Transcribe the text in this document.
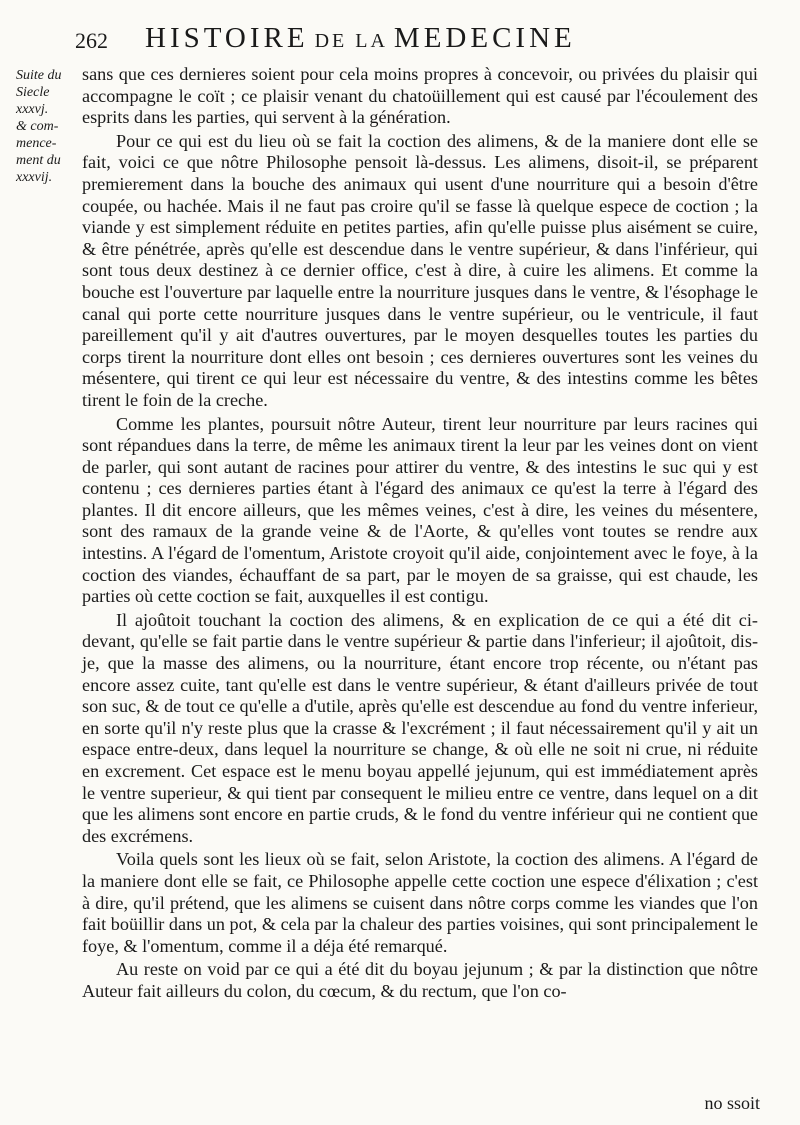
262 HISTOIRE DE LA MEDECINE
Suite du
Siecle
xxxvj.
& com-
mence-
ment du
xxxvij.

sans que ces dernieres soient pour cela moins propres à concevoir, ou privées du plaisir qui accompagne le coït ; ce plaisir venant du chatoüillement qui est causé par l'écoulement des esprits dans les parties, qui servent à la génération.

Pour ce qui est du lieu où se fait la coction des alimens, & de la maniere dont elle se fait, voici ce que nôtre Philosophe pensoit là-dessus. Les alimens, disoit-il, se préparent premierement dans la bouche des animaux qui usent d'une nourriture qui a besoin d'être coupée, ou hachée. Mais il ne faut pas croire qu'il se fasse là quelque espece de coction ; la viande y est simplement réduite en petites parties, afin qu'elle puisse plus aisément se cuire, & être pénétrée, après qu'elle est descendue dans le ventre supérieur, & dans l'inférieur, qui sont tous deux destinez à ce dernier office, c'est à dire, à cuire les alimens. Et comme la bouche est l'ouverture par laquelle entre la nourriture jusques dans le ventre, & l'ésophage le canal qui porte cette nourriture jusques dans le ventre supérieur, ou le ventricule, il faut pareillement qu'il y ait d'autres ouvertures, par le moyen desquelles toutes les parties du corps tirent la nourriture dont elles ont besoin ; ces dernieres ouvertures sont les veines du mésentere, qui tirent ce qui leur est nécessaire du ventre, & des intestins comme les bêtes tirent le foin de la creche.

Comme les plantes, poursuit nôtre Auteur, tirent leur nourriture par leurs racines qui sont répandues dans la terre, de même les animaux tirent la leur par les veines dont on vient de parler, qui sont autant de racines pour attirer du ventre, & des intestins le suc qui y est contenu ; ces dernieres parties étant à l'égard des animaux ce qu'est la terre à l'égard des plantes. Il dit encore ailleurs, que les mêmes veines, c'est à dire, les veines du mésentere, sont des ramaux de la grande veine & de l'Aorte, & qu'elles vont toutes se rendre aux intestins. A l'égard de l'omentum, Aristote croyoit qu'il aide, conjointement avec le foye, à la coction des viandes, échauffant de sa part, par le moyen de sa graisse, qui est chaude, les parties où cette coction se fait, auxquelles il est contigu.

Il ajoûtoit touchant la coction des alimens, & en explication de ce qui a été dit ci-devant, qu'elle se fait partie dans le ventre supérieur & partie dans l'inferieur; il ajoûtoit, dis-je, que la masse des alimens, ou la nourriture, étant encore trop récente, ou n'étant pas encore assez cuite, tant qu'elle est dans le ventre supérieur, & étant d'ailleurs privée de tout son suc, & de tout ce qu'elle a d'utile, après qu'elle est descendue au fond du ventre inferieur, en sorte qu'il n'y reste plus que la crasse & l'excrément ; il faut nécessairement qu'il y ait un espace entre-deux, dans lequel la nourriture se change, & où elle ne soit ni crue, ni réduite en excrement. Cet espace est le menu boyau appellé jejunum, qui est immédiatement après le ventre superieur, & qui tient par consequent le milieu entre ce ventre, dans lequel on a dit que les alimens sont encore en partie cruds, & le fond du ventre inférieur qui ne contient que des excrémens.

Voila quels sont les lieux où se fait, selon Aristote, la coction des alimens. A l'égard de la maniere dont elle se fait, ce Philosophe appelle cette coction une espece d'élixation ; c'est à dire, qu'il prétend, que les alimens se cuisent dans nôtre corps comme les viandes que l'on fait boüillir dans un pot, & cela par la chaleur des parties voisines, qui sont principalement le foye, & l'omentum, comme il a déja été remarqué.

Au reste on void par ce qui a été dit du boyau jejunum ; & par la distinction que nôtre Auteur fait ailleurs du colon, du cœcum, & du rectum, que l'on co-

no ssoit
